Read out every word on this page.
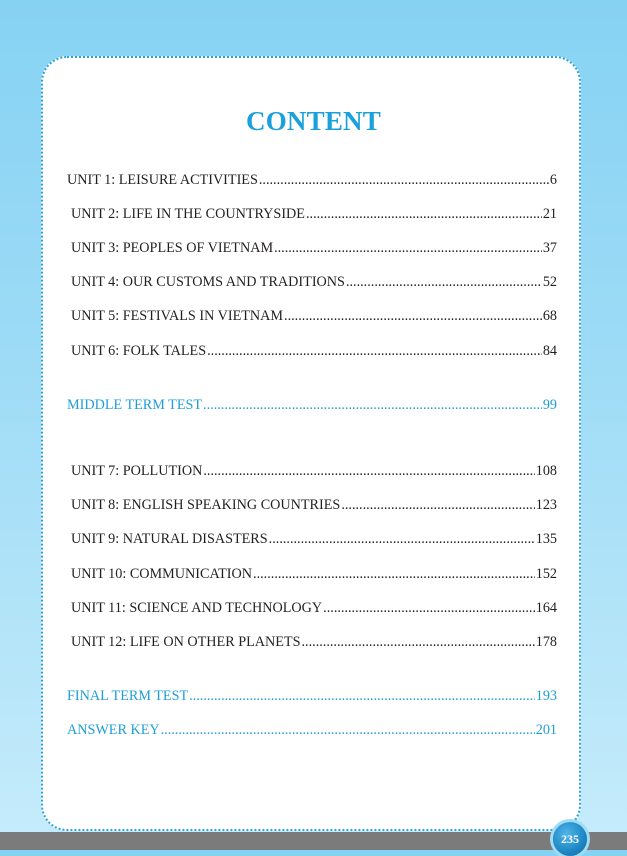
CONTENT
UNIT 1: LEISURE ACTIVITIES .....	6
UNIT 2: LIFE IN THE COUNTRYSIDE .....	21
UNIT 3: PEOPLES OF VIETNAM .....	37
UNIT 4: OUR CUSTOMS AND TRADITIONS .....	52
UNIT 5: FESTIVALS IN VIETNAM .....	68
UNIT 6: FOLK TALES .....	84
MIDDLE TERM TEST .....	99
UNIT 7: POLLUTION .....	108
UNIT 8: ENGLISH SPEAKING COUNTRIES .....	123
UNIT 9: NATURAL DISASTERS .....	135
UNIT 10: COMMUNICATION .....	152
UNIT 11: SCIENCE AND TECHNOLOGY .....	164
UNIT 12: LIFE ON OTHER PLANETS .....	178
FINAL TERM TEST .....	193
ANSWER KEY .....	201
235
